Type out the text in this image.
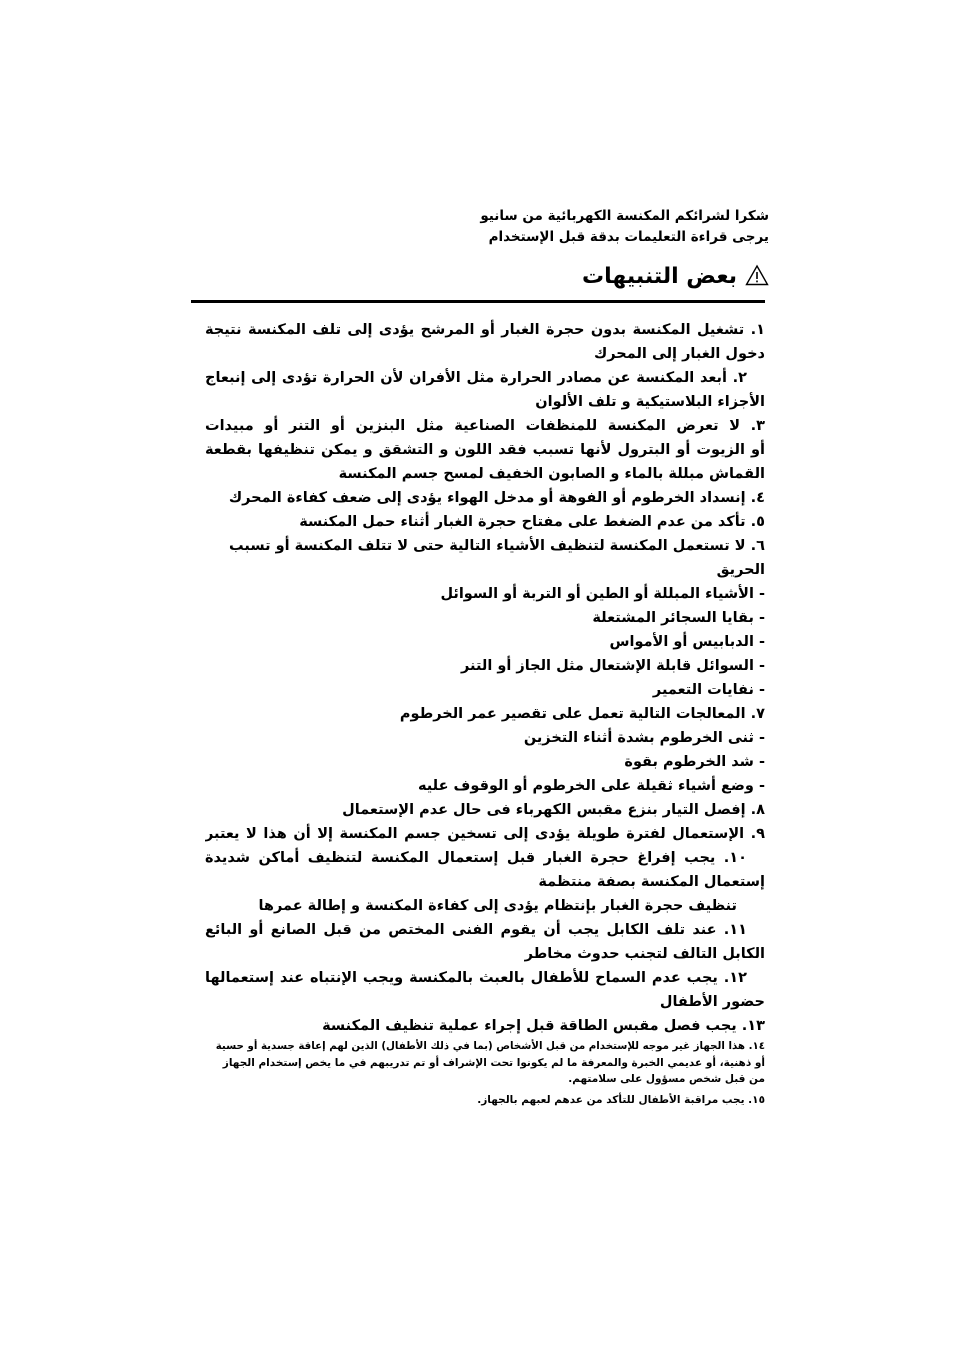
شكرا لشرائكم المكنسة الكهربائية من سانيو
يرجى قراءة التعليمات بدقة قبل الإستخدام
بعض التنبيهات
١. تشغيل المكنسة بدون حجرة الغبار أو المرشح يؤدى إلى تلف المكنسة نتيجة
دخول الغبار إلى المحرك
٢. أبعد المكنسة عن مصادر الحرارة مثل الأفران لأن الحرارة تؤدى إلى إنبعاج
الأجزاء البلاستيكية و تلف الألوان
٣. لا تعرض المكنسة للمنظفات الصناعية مثل البنزين أو التنر أو مبيدات
أو الزيوت أو البترول لأنها تسبب فقد اللون و التشقق و يمكن تنظيفها بقطعة
القماش مبللة بالماء و الصابون الخفيف لمسح جسم المكنسة
٤. إنسداد الخرطوم أو الفوهة أو مدخل الهواء يؤدى إلى ضعف كفاءة المحرك
٥. تأكد من عدم الضغط على مفتاح حجرة الغبار أثناء حمل المكنسة
٦. لا تستعمل المكنسة لتنظيف الأشياء التالية حتى لا تتلف المكنسة أو تسبب
الحريق
- الأشياء المبللة أو الطين أو التربة أو السوائل
- بقايا السجائر المشتعلة
- الدبابيس أو الأمواس
- السوائل قابلة الإشتعال مثل الجاز أو التنر
- نفايات التعمير
٧. المعالجات التالية تعمل على تقصير عمر الخرطوم
- ثنى الخرطوم بشدة أثناء التخزين
- شد الخرطوم بقوة
- وضع أشياء ثقيلة على الخرطوم أو الوقوف عليه
٨. إفصل التيار بنزع مقبس الكهرباء فى حال عدم الإستعمال
٩. الإستعمال لفترة طويلة يؤدى إلى تسخين جسم المكنسة إلا أن هذا لا يعتبر
١٠. يجب إفراغ حجرة الغبار قبل إستعمال المكنسة لتنظيف أماكن شديدة
إستعمال المكنسة بصفة منتظمة
تنظيف حجرة الغبار بإنتظام يؤدى إلى كفاءة المكنسة و إطالة عمرها
١١. عند تلف الكابل يجب أن يقوم الفنى المختص من قبل الصانع أو البائع
الكابل التالف لتجنب حدوث مخاطر
١٢. يجب عدم السماح للأطفال بالعبث بالمكنسة ويجب الإنتباه عند إستعمالها
حضور الأطفال
١٣. يجب فصل مقبس الطاقة قبل إجراء عملية تنظيف المكنسة
١٤. هذا الجهاز غير موجه للإستخدام من قبل الأشخاص (بما في ذلك الأطفال) الذين لهم إعاقة جسدية أو حسية
أو ذهنية، أو عديمي الخبرة والمعرفة ما لم يكونوا تحت الإشراف أو تم تدريبهم في ما يخص إستخدام الجهاز
من قبل شخص مسؤول على سلامتهم.
١٥. يجب مراقبة الأطفال للتأكد من عدهم لعبهم بالجهاز.
